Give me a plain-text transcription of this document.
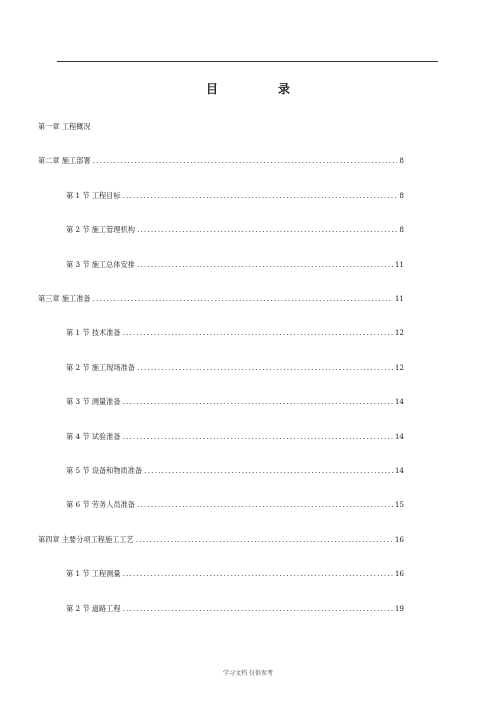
目　录
第一章 工程概况
第二章 施工部署 .....	8
第 1 节 工程目标 .....	8
第 2 节 施工管理机构 .....	8
第 3 节 施工总体安排 .....	11
第三章 施工准备 .....	11
第 1 节 技术准备 .....	12
第 2 节 施工现场准备 .....	12
第 3 节 测量准备 .....	14
第 4 节 试验准备 .....	14
第 5 节 设备和物质准备 .....	14
第 6 节 劳务人员准备 .....	15
第四章 主要分项工程施工工艺 .....	16
第 1 节 工程测量 .....	16
第 2 节 道路工程 .....	19
学习文档 仅供参考
